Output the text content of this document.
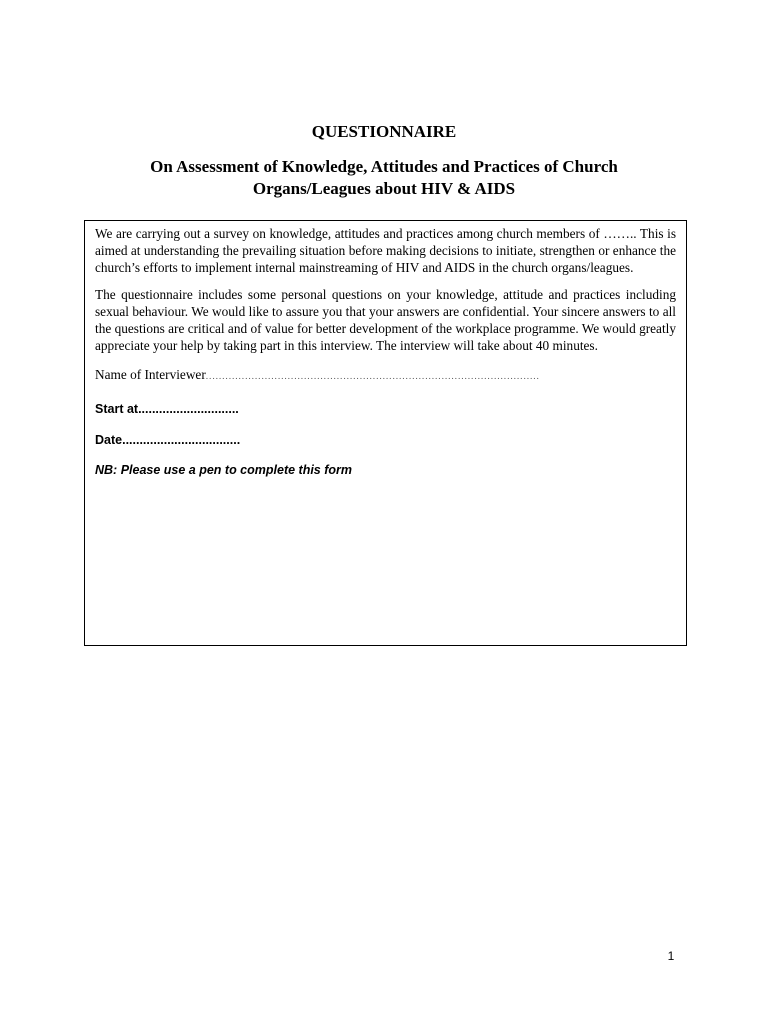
QUESTIONNAIRE
On Assessment of Knowledge, Attitudes and Practices of Church
Organs/Leagues about HIV & AIDS

We are carrying out a survey on knowledge, attitudes and practices among church members of …….. This is aimed at understanding the prevailing situation before making decisions to initiate, strengthen or enhance the church’s efforts to implement internal mainstreaming of HIV and AIDS in the church organs/leagues.

The questionnaire includes some personal questions on your knowledge, attitude and practices including sexual behaviour. We would like to assure you that your answers are confidential. Your sincere answers to all the questions are critical and of value for better development of the workplace programme. We would greatly appreciate your help by taking part in this interview. The interview will take about 40 minutes.

Name of Interviewer......................................................................................................

Start at.............................

Date..................................

NB: Please use a pen to complete this form

1
